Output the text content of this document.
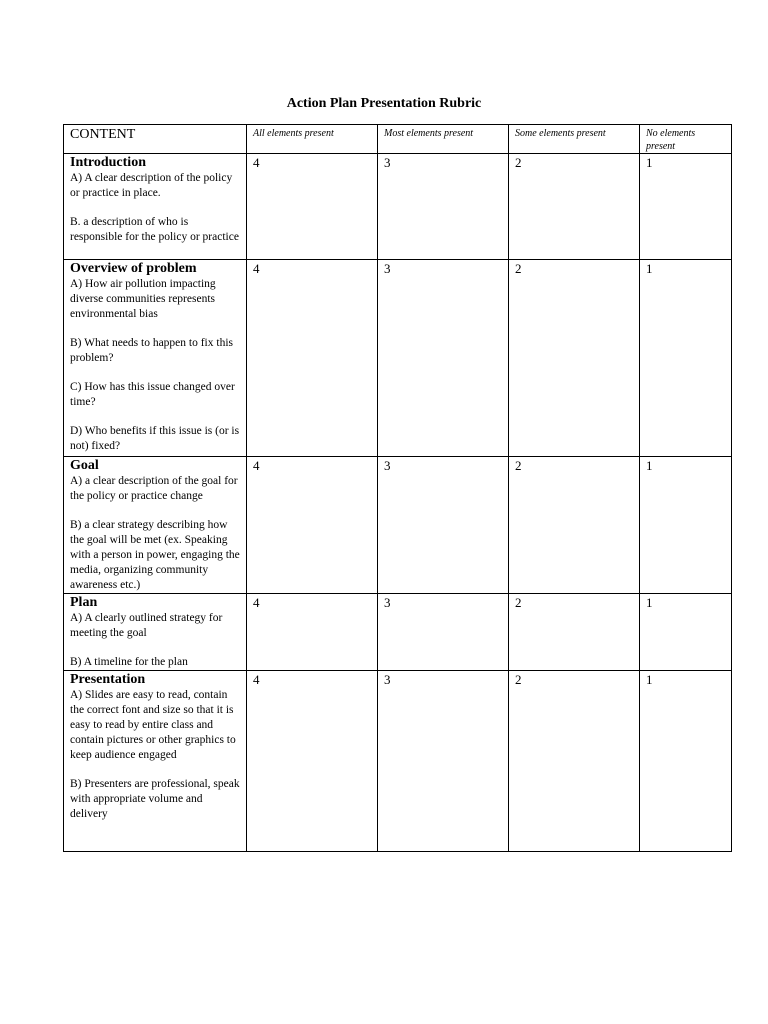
Action Plan Presentation Rubric
CONTENT	All elements present	Most elements present	Some elements present	No elements present

Introduction
A) A clear description of the policy or practice in place.
B. a description of who is responsible for the policy or practice	4	3	2	1

Overview of problem
A) How air pollution impacting diverse communities represents environmental bias
B) What needs to happen to fix this problem?
C) How has this issue changed over time?
D) Who benefits if this issue is (or is not) fixed?	4	3	2	1

Goal
A) a clear description of the goal for the policy or practice change
B) a clear strategy describing how the goal will be met (ex. Speaking with a person in power, engaging the media, organizing community awareness etc.)	4	3	2	1

Plan
A) A clearly outlined strategy for meeting the goal
B) A timeline for the plan	4	3	2	1

Presentation
A) Slides are easy to read, contain the correct font and size so that it is easy to read by entire class and contain pictures or other graphics to keep audience engaged
B) Presenters are professional, speak with appropriate volume and delivery	4	3	2	1
